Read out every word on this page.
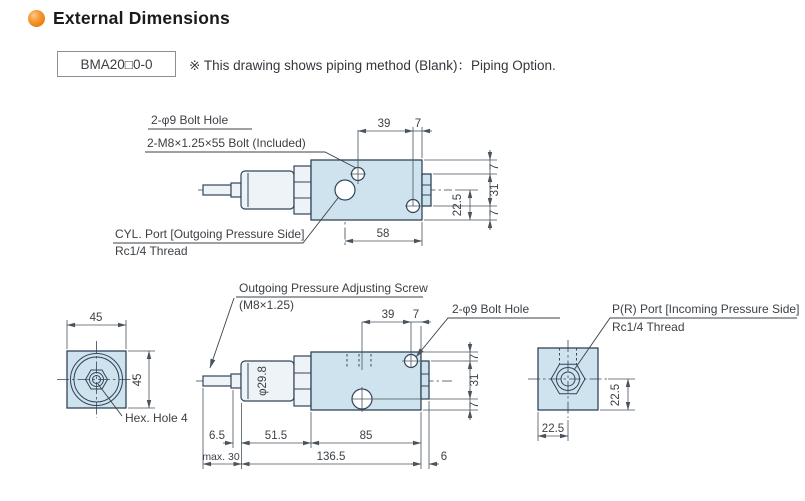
External Dimensions
BMA20□0-0	※ This drawing shows piping method (Blank)：Piping Option.
39 7
22.5
7
31
7
58
2-φ9 Bolt Hole
2-M8×1.25×55 Bolt (Included)
CYL. Port [Outgoing Pressure Side]
Rc1/4 Thread
45
45
Hex. Hole 4
φ29.8
39 7
7
31
7
6.5	51.5	85
max. 30	136.5	6
Outgoing Pressure Adjusting Screw
(M8×1.25)	2-φ9 Bolt Hole	P(R) Port [Incoming Pressure Side]
Rc1/4 Thread
22.5
22.5
